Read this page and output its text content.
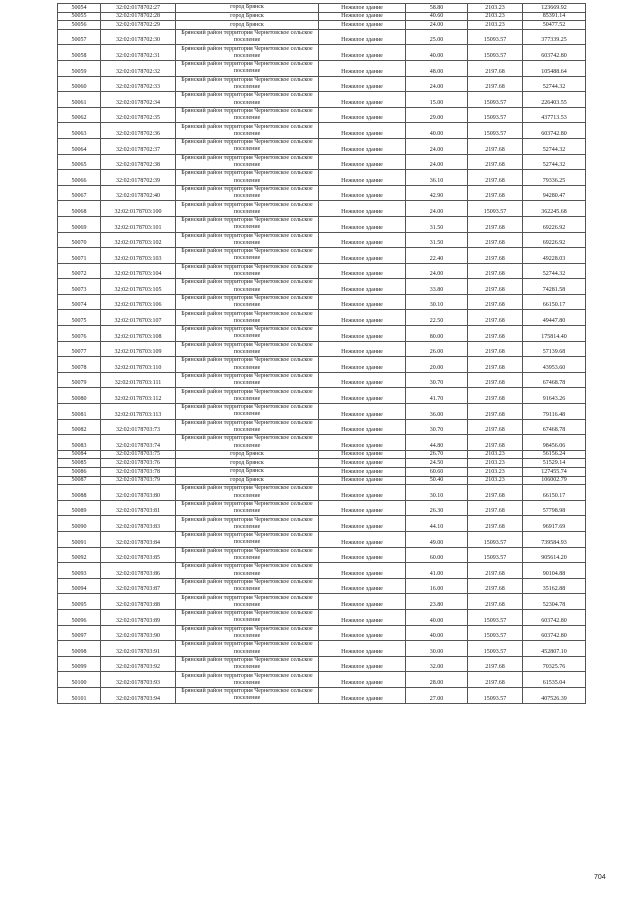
50054	32:02:0178702:27	город Брянск	Нежилое здание	58.80	2103.23	123669.92
50055	32:02:0178702:28	город Брянск	Нежилое здание	40.60	2103.23	85391.14
50056	32:02:0178702:29	город Брянск	Нежилое здание	24.00	2103.23	50477.52
50057	32:02:0178702:30	Брянский район территория Чернетовское сельское поселение	Нежилое здание	25.00	15093.57	377339.25
50058	32:02:0178702:31	Брянский район территория Чернетовское сельское поселение	Нежилое здание	40.00	15093.57	603742.80
50059	32:02:0178702:32	Брянский район территория Чернетовское сельское поселение	Нежилое здание	48.00	2197.68	105488.64
50060	32:02:0178702:33	Брянский район территория Чернетовское сельское поселение	Нежилое здание	24.00	2197.68	52744.32
50061	32:02:0178702:34	Брянский район территория Чернетовское сельское поселение	Нежилое здание	15.00	15093.57	226403.55
50062	32:02:0178702:35	Брянский район территория Чернетовское сельское поселение	Нежилое здание	29.00	15093.57	437713.53
50063	32:02:0178702:36	Брянский район территория Чернетовское сельское поселение	Нежилое здание	40.00	15093.57	603742.80
50064	32:02:0178702:37	Брянский район территория Чернетовское сельское поселение	Нежилое здание	24.00	2197.68	52744.32
50065	32:02:0178702:38	Брянский район территория Чернетовское сельское поселение	Нежилое здание	24.00	2197.68	52744.32
50066	32:02:0178702:39	Брянский район территория Чернетовское сельское поселение	Нежилое здание	36.10	2197.68	79336.25
50067	32:02:0178702:40	Брянский район территория Чернетовское сельское поселение	Нежилое здание	42.90	2197.68	94280.47
50068	32:02:0178703:100	Брянский район территория Чернетовское сельское поселение	Нежилое здание	24.00	15093.57	362245.68
50069	32:02:0178703:101	Брянский район территория Чернетовское сельское поселение	Нежилое здание	31.50	2197.68	69226.92
50070	32:02:0178703:102	Брянский район территория Чернетовское сельское поселение	Нежилое здание	31.50	2197.68	69226.92
50071	32:02:0178703:103	Брянский район территория Чернетовское сельское поселение	Нежилое здание	22.40	2197.68	49228.03
50072	32:02:0178703:104	Брянский район территория Чернетовское сельское поселение	Нежилое здание	24.00	2197.68	52744.32
50073	32:02:0178703:105	Брянский район территория Чернетовское сельское поселение	Нежилое здание	33.80	2197.68	74281.58
50074	32:02:0178703:106	Брянский район территория Чернетовское сельское поселение	Нежилое здание	30.10	2197.68	66150.17
50075	32:02:0178703:107	Брянский район территория Чернетовское сельское поселение	Нежилое здание	22.50	2197.68	49447.80
50076	32:02:0178703:108	Брянский район территория Чернетовское сельское поселение	Нежилое здание	80.00	2197.68	175814.40
50077	32:02:0178703:109	Брянский район территория Чернетовское сельское поселение	Нежилое здание	26.00	2197.68	57139.68
50078	32:02:0178703:110	Брянский район территория Чернетовское сельское поселение	Нежилое здание	20.00	2197.68	43953.60
50079	32:02:0178703:111	Брянский район территория Чернетовское сельское поселение	Нежилое здание	30.70	2197.68	67468.78
50080	32:02:0178703:112	Брянский район территория Чернетовское сельское поселение	Нежилое здание	41.70	2197.68	91643.26
50081	32:02:0178703:113	Брянский район территория Чернетовское сельское поселение	Нежилое здание	36.00	2197.68	79116.48
50082	32:02:0178703:73	Брянский район территория Чернетовское сельское поселение	Нежилое здание	30.70	2197.68	67468.78
50083	32:02:0178703:74	Брянский район территория Чернетовское сельское поселение	Нежилое здание	44.80	2197.68	98456.06
50084	32:02:0178703:75	город Брянск	Нежилое здание	26.70	2103.23	56156.24
50085	32:02:0178703:76	город Брянск	Нежилое здание	24.50	2103.23	51529.14
50086	32:02:0178703:78	город Брянск	Нежилое здание	60.60	2103.23	127455.74
50087	32:02:0178703:79	город Брянск	Нежилое здание	50.40	2103.23	106002.79
50088	32:02:0178703:80	Брянский район территория Чернетовское сельское поселение	Нежилое здание	30.10	2197.68	66150.17
50089	32:02:0178703:81	Брянский район территория Чернетовское сельское поселение	Нежилое здание	26.30	2197.68	57798.98
50090	32:02:0178703:83	Брянский район территория Чернетовское сельское поселение	Нежилое здание	44.10	2197.68	96917.69
50091	32:02:0178703:84	Брянский район территория Чернетовское сельское поселение	Нежилое здание	49.00	15093.57	739584.93
50092	32:02:0178703:85	Брянский район территория Чернетовское сельское поселение	Нежилое здание	60.00	15093.57	905614.20
50093	32:02:0178703:86	Брянский район территория Чернетовское сельское поселение	Нежилое здание	41.00	2197.68	90104.88
50094	32:02:0178703:87	Брянский район территория Чернетовское сельское поселение	Нежилое здание	16.00	2197.68	35162.88
50095	32:02:0178703:88	Брянский район территория Чернетовское сельское поселение	Нежилое здание	23.80	2197.68	52304.78
50096	32:02:0178703:89	Брянский район территория Чернетовское сельское поселение	Нежилое здание	40.00	15093.57	603742.80
50097	32:02:0178703:90	Брянский район территория Чернетовское сельское поселение	Нежилое здание	40.00	15093.57	603742.80
50098	32:02:0178703:91	Брянский район территория Чернетовское сельское поселение	Нежилое здание	30.00	15093.57	452807.10
50099	32:02:0178703:92	Брянский район территория Чернетовское сельское поселение	Нежилое здание	32.00	2197.68	70325.76
50100	32:02:0178703:93	Брянский район территория Чернетовское сельское поселение	Нежилое здание	28.00	2197.68	61535.04
50101	32:02:0178703:94	Брянский район территория Чернетовское сельское поселение	Нежилое здание	27.00	15093.57	407526.39
704
